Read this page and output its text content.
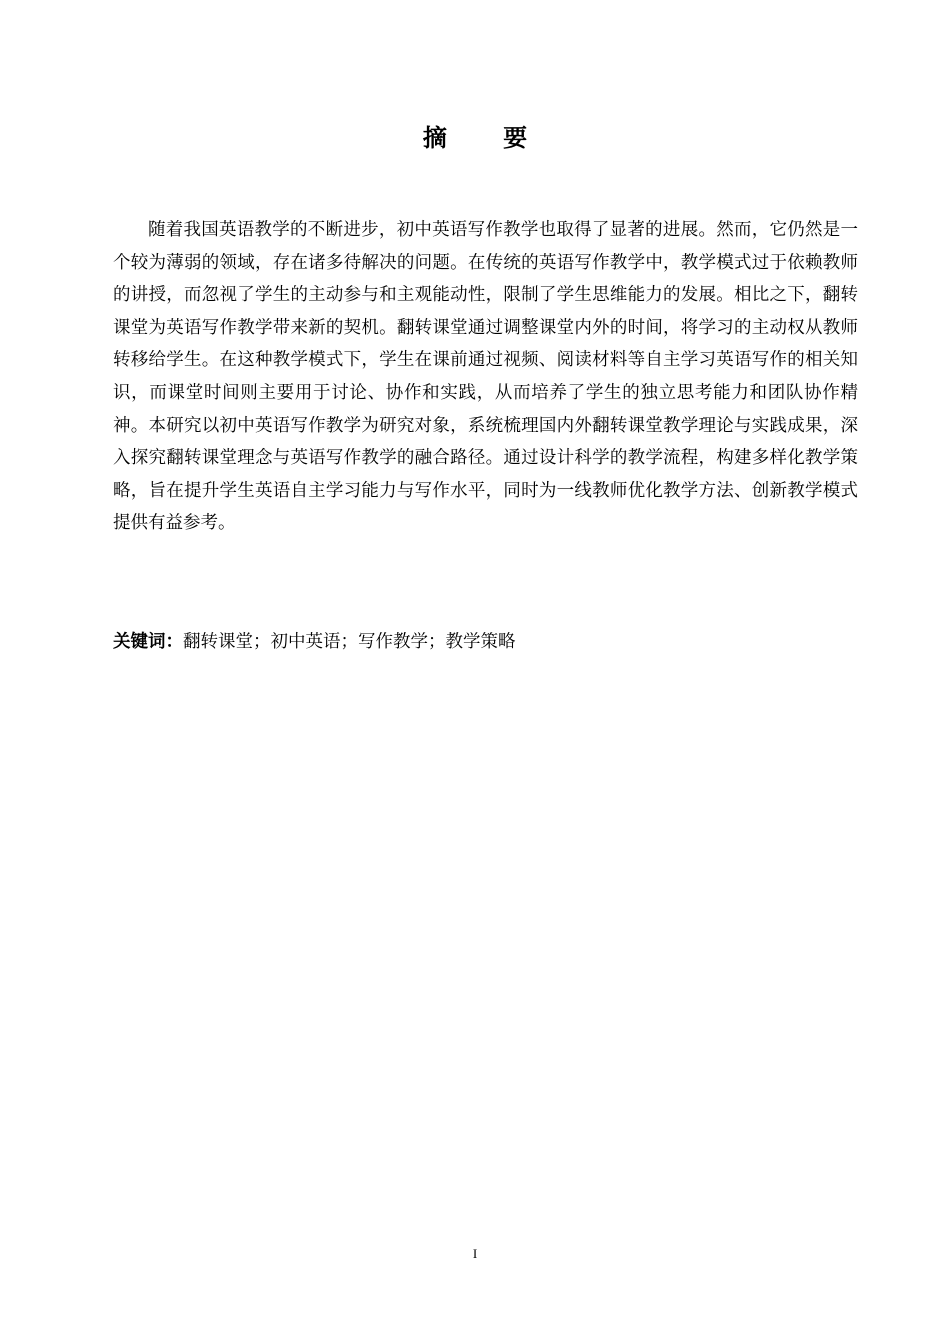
摘 要

随着我国英语教学的不断进步，初中英语写作教学也取得了显著的进展。然而，它仍然是一个较为薄弱的领域，存在诸多待解决的问题。在传统的英语写作教学中，教学模式过于依赖教师的讲授，而忽视了学生的主动参与和主观能动性，限制了学生思维能力的发展。相比之下，翻转课堂为英语写作教学带来新的契机。翻转课堂通过调整课堂内外的时间，将学习的主动权从教师转移给学生。在这种教学模式下，学生在课前通过视频、阅读材料等自主学习英语写作的相关知识，而课堂时间则主要用于讨论、协作和实践，从而培养了学生的独立思考能力和团队协作精神。本研究以初中英语写作教学为研究对象，系统梳理国内外翻转课堂教学理论与实践成果，深入探究翻转课堂理念与英语写作教学的融合路径。通过设计科学的教学流程，构建多样化教学策略，旨在提升学生英语自主学习能力与写作水平，同时为一线教师优化教学方法、创新教学模式提供有益参考。

关键词：翻转课堂；初中英语；写作教学；教学策略
I
